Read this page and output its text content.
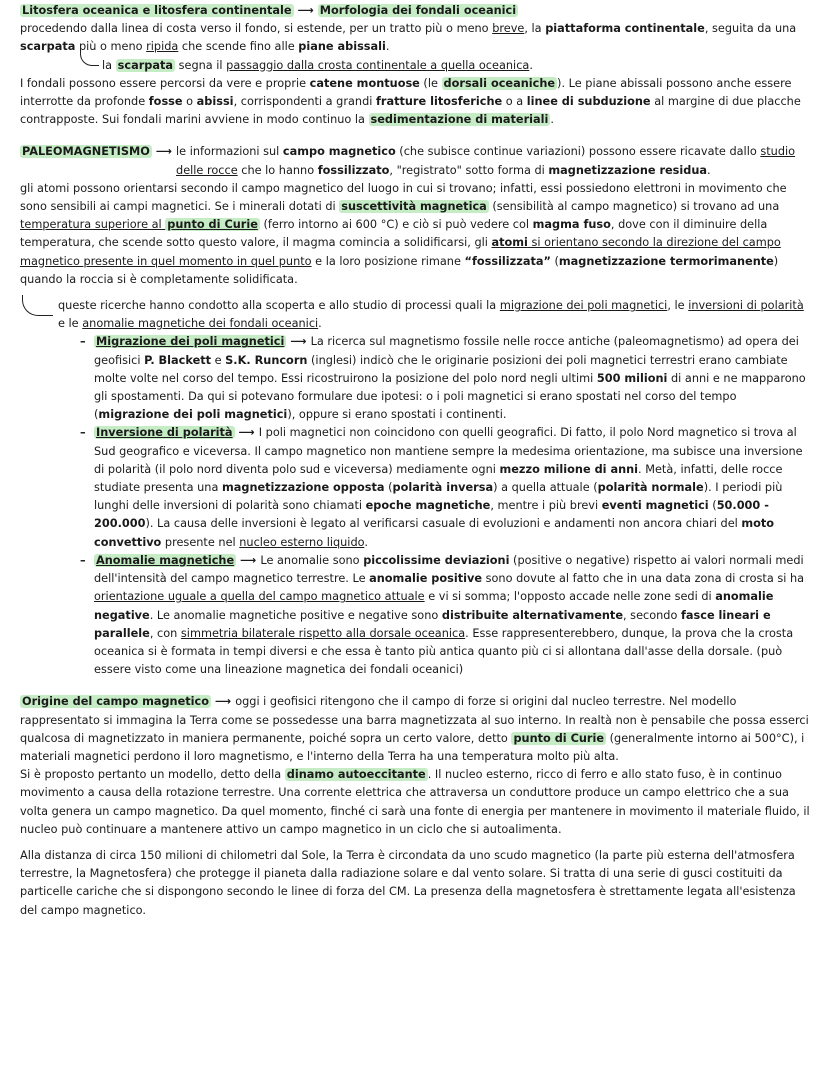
Litosfera oceanica e litosfera continentale ⟶ Morfologia dei fondali oceanici

procedendo dalla linea di costa verso il fondo, si estende, per un tratto più o meno breve, la piattaforma continentale, seguita da una scarpata più o meno ripida che scende fino alle piane abissali.

la scarpata segna il passaggio dalla crosta continentale a quella oceanica.

I fondali possono essere percorsi da vere e proprie catene montuose (le dorsali oceaniche ). Le piane abissali possono anche essere interrotte da profonde fosse o abissi, corrispondenti a grandi fratture litosferiche o a linee di subduzione al margine di due placche contrapposte. Sui fondali marini avviene in modo continuo la sedimentazione di materiali .

PALEOMAGNETISMO ⟶ le informazioni sul campo magnetico (che subisce continue variazioni) possono essere ricavate dallo studio delle rocce che lo hanno fossilizzato, "registrato" sotto forma di magnetizzazione residua.

gli atomi possono orientarsi secondo il campo magnetico del luogo in cui si trovano; infatti, essi possiedono elettroni in movimento che sono sensibili ai campi magnetici. Se i minerali dotati di suscettività magnetica (sensibilità al campo magnetico) si trovano ad una temperatura superiore al punto di Curie (ferro intorno ai 600 °C) e ciò si può vedere col magma fuso, dove con il diminuire della temperatura, che scende sotto questo valore, il magma comincia a solidificarsi, gli atomi si orientano secondo la direzione del campo magnetico presente in quel momento in quel punto e la loro posizione rimane “fossilizzata” (magnetizzazione termorimanente) quando la roccia si è completamente solidificata.

queste ricerche hanno condotto alla scoperta e allo studio di processi quali la migrazione dei poli magnetici, le inversioni di polarità e le anomalie magnetiche dei fondali oceanici.

– Migrazione dei poli magnetici ⟶ La ricerca sul magnetismo fossile nelle rocce antiche (paleomagnetismo) ad opera dei geofisici P. Blackett e S.K. Runcorn (inglesi) indicò che le originarie posizioni dei poli magnetici terrestri erano cambiate molte volte nel corso del tempo. Essi ricostruirono la posizione del polo nord negli ultimi 500 milioni di anni e ne mapparono gli spostamenti. Da qui si potevano formulare due ipotesi: o i poli magnetici si erano spostati nel corso del tempo (migrazione dei poli magnetici), oppure si erano spostati i continenti.
– Inversione di polarità ⟶ I poli magnetici non coincidono con quelli geografici. Di fatto, il polo Nord magnetico si trova al Sud geografico e viceversa. Il campo magnetico non mantiene sempre la medesima orientazione, ma subisce una inversione di polarità (il polo nord diventa polo sud e viceversa) mediamente ogni mezzo milione di anni. Metà, infatti, delle rocce studiate presenta una magnetizzazione opposta (polarità inversa) a quella attuale (polarità normale). I periodi più lunghi delle inversioni di polarità sono chiamati epoche magnetiche, mentre i più brevi eventi magnetici (50.000 - 200.000). La causa delle inversioni è legato al verificarsi casuale di evoluzioni e andamenti non ancora chiari del moto convettivo presente nel nucleo esterno liquido.
– Anomalie magnetiche ⟶ Le anomalie sono piccolissime deviazioni (positive o negative) rispetto ai valori normali medi dell'intensità del campo magnetico terrestre. Le anomalie positive sono dovute al fatto che in una data zona di crosta si ha orientazione uguale a quella del campo magnetico attuale e vi si somma; l'opposto accade nelle zone sedi di anomalie negative. Le anomalie magnetiche positive e negative sono distribuite alternativamente, secondo fasce lineari e parallele, con simmetria bilaterale rispetto alla dorsale oceanica. Esse rappresenterebbero, dunque, la prova che la crosta oceanica si è formata in tempi diversi e che essa è tanto più antica quanto più ci si allontana dall'asse della dorsale. (può essere visto come una lineazione magnetica dei fondali oceanici)

Origine del campo magnetico ⟶ oggi i geofisici ritengono che il campo di forze si origini dal nucleo terrestre. Nel modello rappresentato si immagina la Terra come se possedesse una barra magnetizzata al suo interno. In realtà non è pensabile che possa esserci qualcosa di magnetizzato in maniera permanente, poiché sopra un certo valore, detto punto di Curie (generalmente intorno ai 500°C), i materiali magnetici perdono il loro magnetismo, e l'interno della Terra ha una temperatura molto più alta.

Si è proposto pertanto un modello, detto della dinamo autoeccitante . Il nucleo esterno, ricco di ferro e allo stato fuso, è in continuo movimento a causa della rotazione terrestre. Una corrente elettrica che attraversa un conduttore produce un campo elettrico che a sua volta genera un campo magnetico. Da quel momento, finché ci sarà una fonte di energia per mantenere in movimento il materiale fluido, il nucleo può continuare a mantenere attivo un campo magnetico in un ciclo che si autoalimenta.

Alla distanza di circa 150 milioni di chilometri dal Sole, la Terra è circondata da uno scudo magnetico (la parte più esterna dell'atmosfera terrestre, la Magnetosfera) che protegge il pianeta dalla radiazione solare e dal vento solare. Si tratta di una serie di gusci costituiti da particelle cariche che si dispongono secondo le linee di forza del CM. La presenza della magnetosfera è strettamente legata all'esistenza del campo magnetico.
